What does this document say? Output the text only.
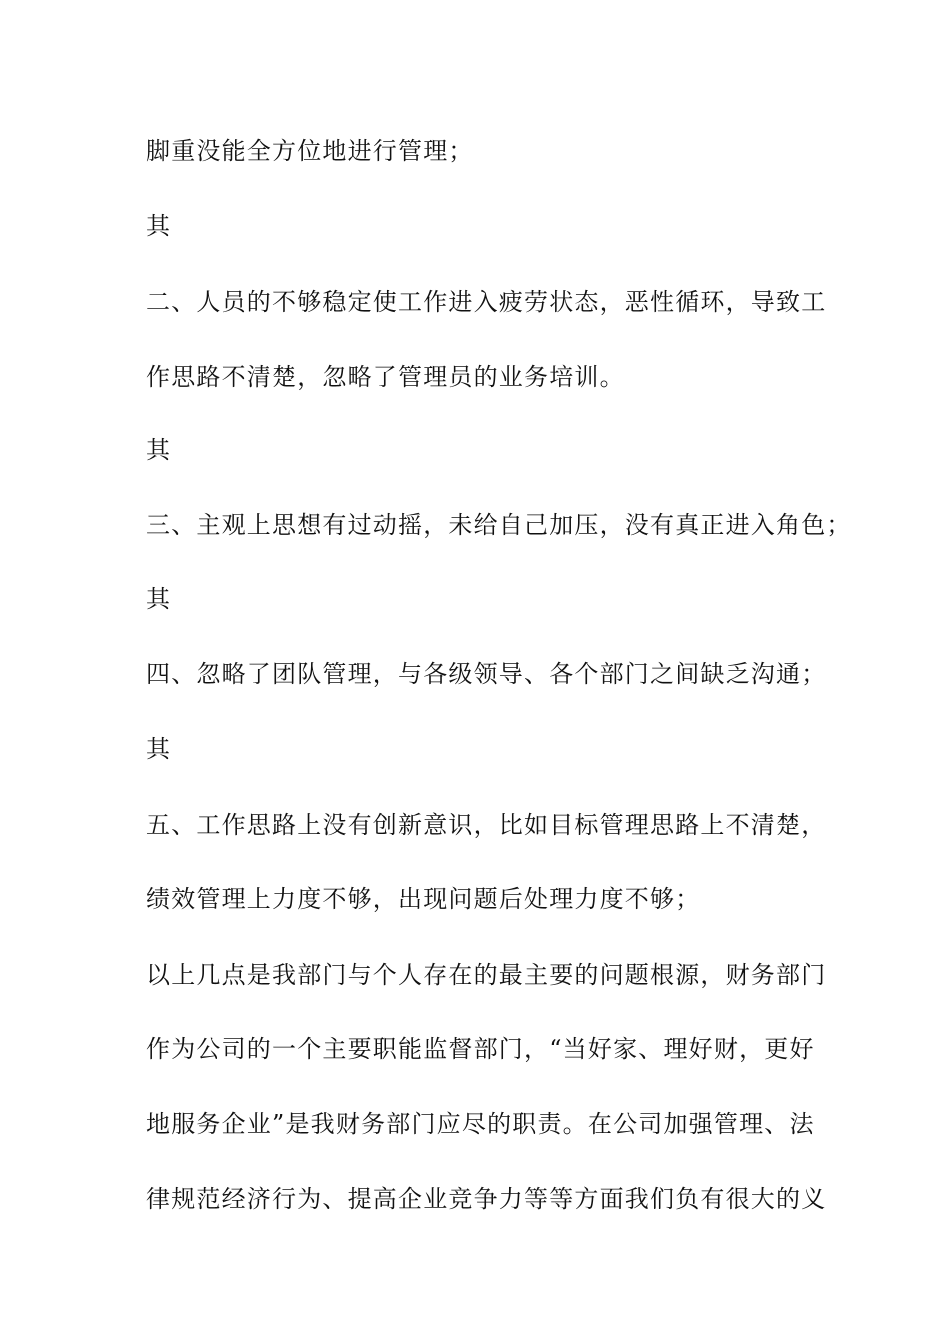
脚重没能全方位地进行管理；
其
二、人员的不够稳定使工作进入疲劳状态，恶性循环，导致工
作思路不清楚，忽略了管理员的业务培训。
其
三、主观上思想有过动摇，未给自己加压，没有真正进入角色；
其
四、忽略了团队管理，与各级领导、各个部门之间缺乏沟通；
其
五、工作思路上没有创新意识，比如目标管理思路上不清楚，
绩效管理上力度不够，出现问题后处理力度不够；
以上几点是我部门与个人存在的最主要的问题根源，财务部门
作为公司的一个主要职能监督部门，“当好家、理好财，更好
地服务企业”是我财务部门应尽的职责。在公司加强管理、法
律规范经济行为、提高企业竞争力等等方面我们负有很大的义
